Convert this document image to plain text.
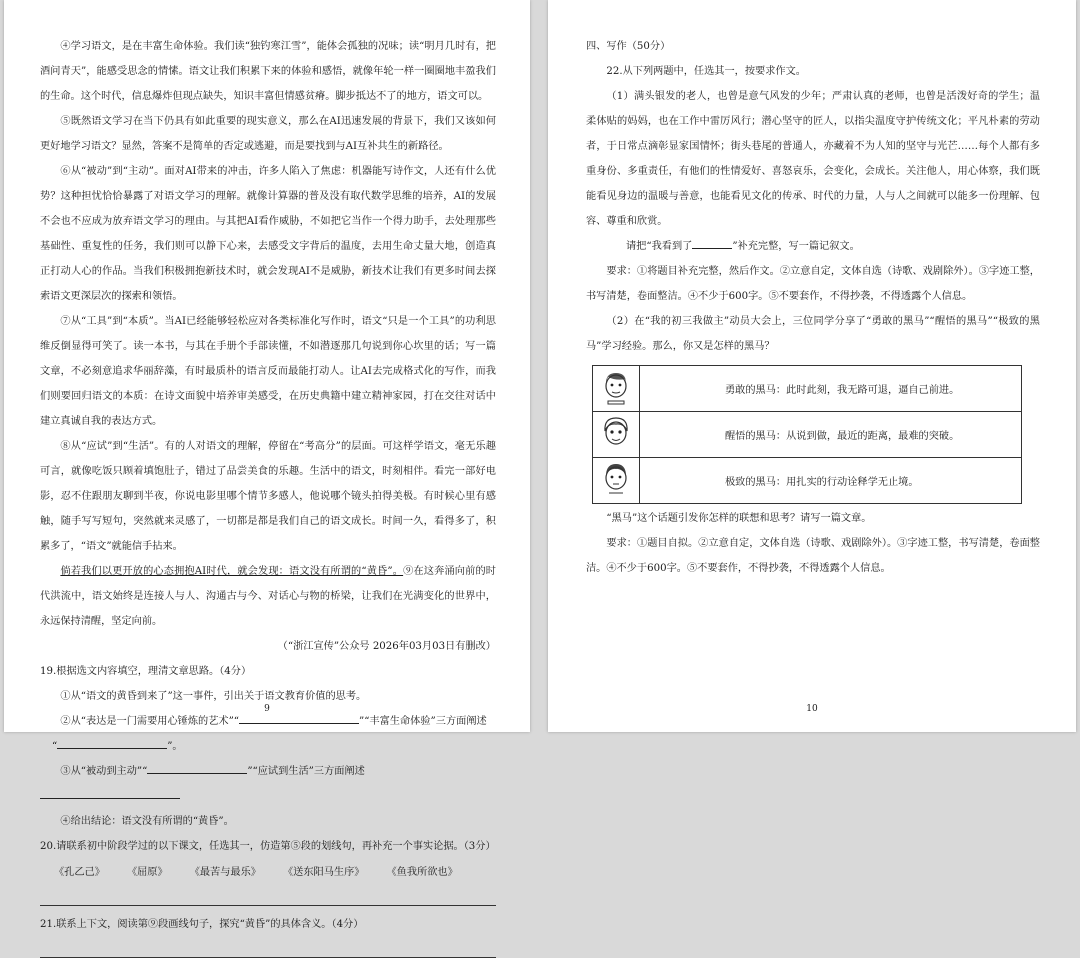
④学习语文，是在丰富生命体验。我们读“独钓寒江雪”，能体会孤独的况味；读“明月几时有，把酒问青天”，能感受思念的情愫。语文让我们积累下来的体验和感悟，就像年轮一样一圈圈地丰盈我们的生命。这个时代，信息爆炸但现点缺失，知识丰富但情感贫瘠。脚步抵达不了的地方，语文可以。

⑤既然语文学习在当下仍具有如此重要的现实意义，那么在AI迅速发展的背景下，我们又该如何更好地学习语文？显然，答案不是简单的否定或逃避，而是要找到与AI互补共生的新路径。

⑥从“被动”到“主动”。面对AI带来的冲击，许多人陷入了焦虑：机器能写诗作文，人还有什么优势？这种担忧恰恰暴露了对语文学习的理解。就像计算器的普及没有取代数学思维的培养，AI的发展不会也不应成为放弃语文学习的理由。与其把AI看作威胁，不如把它当作一个得力助手，去处理那些基础性、重复性的任务，我们则可以静下心来，去感受文字背后的温度，去用生命丈量大地，创造真正打动人心的作品。当我们积极拥抱新技术时，就会发现AI不是威胁，新技术让我们有更多时间去探索语文更深层次的探索和领悟。

⑦从“工具”到“本质”。当AI已经能够轻松应对各类标准化写作时，语文“只是一个工具”的功利思维反倒显得可笑了。读一本书，与其在手册个手部读懂，不如潜逐那几句说到你心坎里的话；写一篇文章，不必刻意追求华丽辞藻，有时最质朴的语言反而最能打动人。让AI去完成格式化的写作，而我们则要回归语文的本质：在诗文面貌中培养审美感受，在历史典籍中建立精神家园，打在交往对话中建立真诚自我的表达方式。

⑧从“应试”到“生活”。有的人对语文的理解，停留在“考高分”的层面。可这样学语文，毫无乐趣可言，就像吃饭只顾着填饱肚子，错过了品尝美食的乐趣。生活中的语文，时刻相伴。看完一部好电影，忍不住跟朋友聊到半夜，你说电影里哪个情节多感人，他说哪个镜头拍得美极。有时候心里有感触，随手写写短句，突然就来灵感了，一切都是都是我们自己的语文成长。时间一久，看得多了，积累多了，“语文”就能信手拈来。

倘若我们以更开放的心态拥抱AI时代，就会发现：语文没有所谓的“黄昏”。⑨在这奔涌向前的时代洪流中，语文始终是连接人与人、沟通古与今、对话心与物的桥梁，让我们在光满变化的世界中，永远保持清醒，坚定向前。

（“浙江宣传”公众号 2026年03月03日有删改）

19.根据选文内容填空，理清文章思路。（4分）

①从“语文的黄昏到来了”这一事件，引出关于语文教育价值的思考。

②从“表达是一门需要用心锤炼的艺术”“	”“丰富生命体验”三方面阐述

“	”。

③从“被动到主动”“	”“应试到生活”三方面阐述

④给出结论：语文没有所谓的“黄昏”。

20.请联系初中阶段学过的以下课文，任选其一，仿造第⑤段的划线句，再补充一个事实论据。（3分）

《孔乙己》 《屈原》 《最苦与最乐》 《送东阳马生序》 《鱼我所欲也》

21.联系上下文，阅读第⑨段画线句子，探究“黄昏”的具体含义。（4分）

9

四、写作（50分）

22.从下列两题中，任选其一，按要求作文。

（1）满头银发的老人，也曾是意气风发的少年；严肃认真的老师，也曾是活泼好奇的学生；温柔体贴的妈妈，也在工作中雷厉风行；潜心坚守的匠人，以指尖温度守护传统文化；平凡朴素的劳动者，于日常点滴彰显家国情怀；街头巷尾的普通人，亦藏着不为人知的坚守与光芒……每个人都有多重身份、多重责任，有他们的性情爱好、喜怒哀乐，会变化，会成长。关注他人，用心体察，我们既能看见身边的温暖与善意，也能看见文化的传承、时代的力量，人与人之间就可以能多一份理解、包容、尊重和欣赏。

请把“我看到了	”补充完整，写一篇记叙文。

要求：①将题目补充完整，然后作文。②立意自定，文体自选（诗歌、戏剧除外）。③字迹工整，书写清楚，卷面整洁。④不少于600字。⑤不要套作，不得抄袭，不得透露个人信息。

（2）在“我的初三我做主”动员大会上，三位同学分享了“勇敢的黑马”“醒悟的黑马”“极致的黑马”学习经验。那么，你又是怎样的黑马？

	勇敢的黑马：此时此刻，我无路可退，逼自己前进。
	醒悟的黑马：从说到做，最近的距离，最难的突破。
	极致的黑马：用扎实的行动诠释学无止境。

“黑马”这个话题引发你怎样的联想和思考？请写一篇文章。

要求：①题目自拟。②立意自定，文体自选（诗歌、戏剧除外）。③字迹工整，书写清楚，卷面整洁。④不少于600字。⑤不要套作，不得抄袭，不得透露个人信息。

10
